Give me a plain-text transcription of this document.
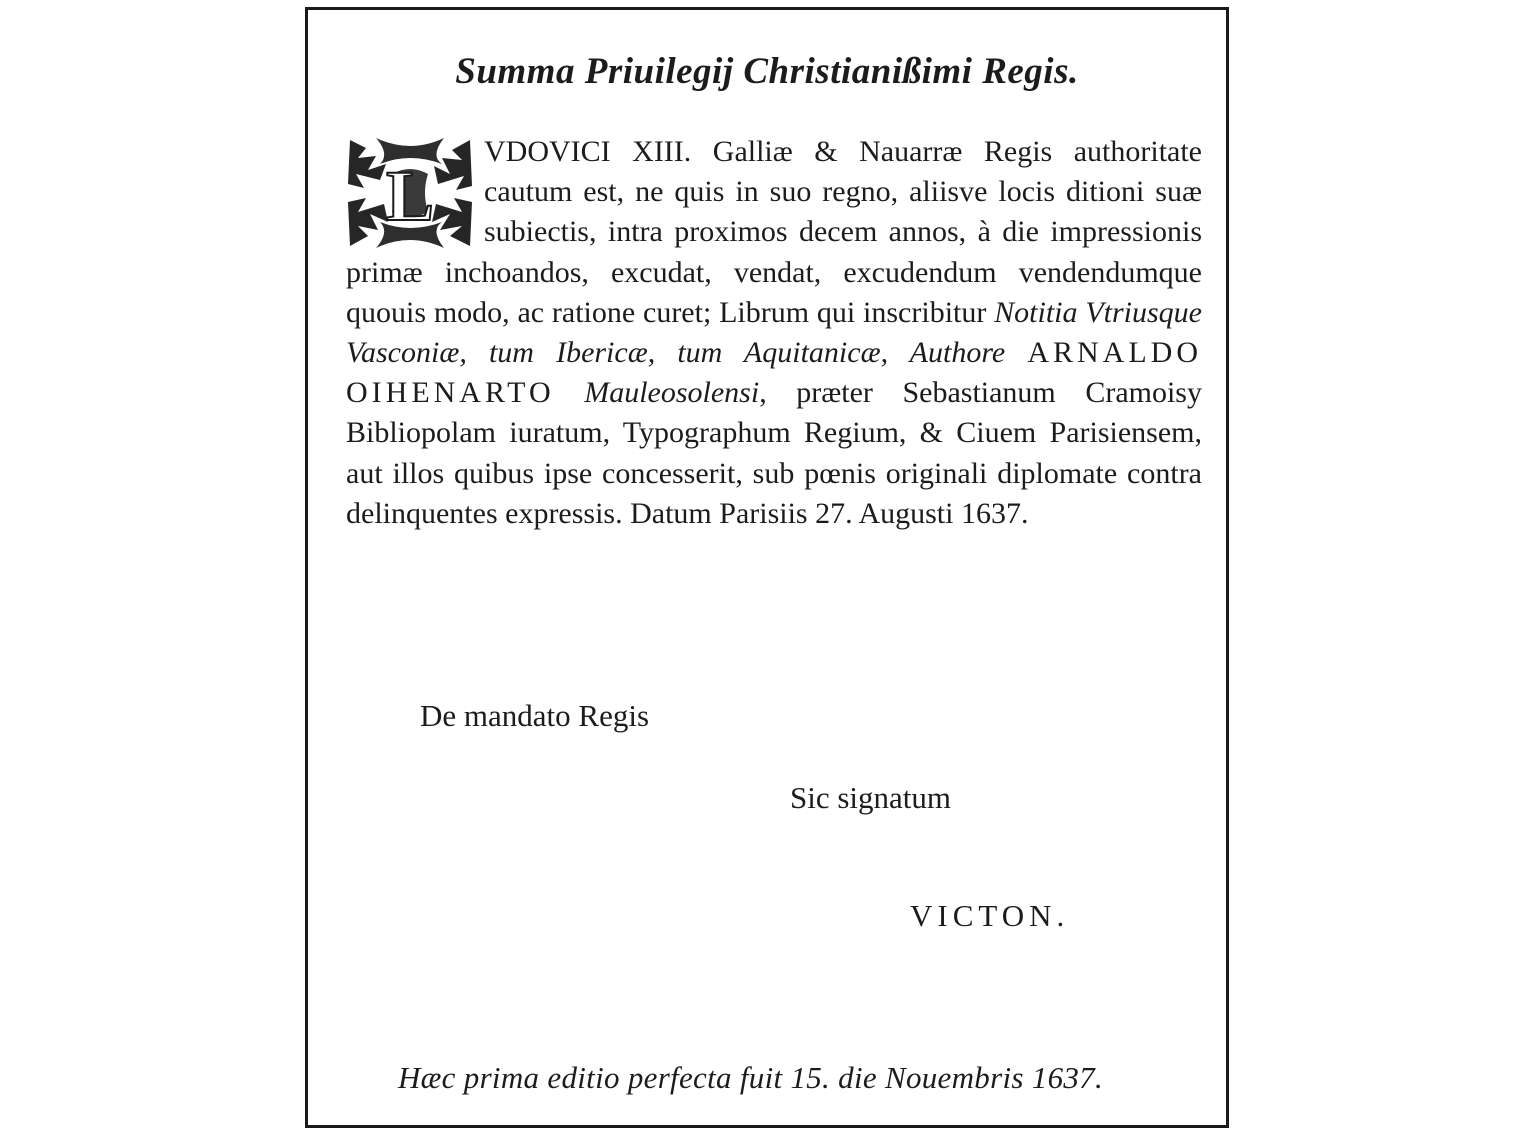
Summa Priuilegij Christianißimi Regis.
L
VDOVICI XIII. Galliæ & Nauarræ Regis authoritate cautum est, ne quis in suo regno, aliisve locis ditioni suæ subiectis, intra proximos decem annos, à die impressionis primæ inchoandos, excudat, vendat, excudendum vendendumque quouis modo, ac ratione curet; Librum qui inscribitur Notitia Vtriusque Vasconiæ, tum Ibericæ, tum Aquitanicæ, Authore ARNALDO OIHENARTO Mauleosolensi, præter Sebastianum Cramoisy Bibliopolam iuratum, Typographum Regium, & Ciuem Parisiensem, aut illos quibus ipse concesserit, sub pœnis originali diplomate contra delinquentes expressis. Datum Parisiis 27. Augusti 1637.
De mandato Regis
Sic signatum
VICTON.
Hæc prima editio perfecta fuit 15. die Nouembris 1637.
